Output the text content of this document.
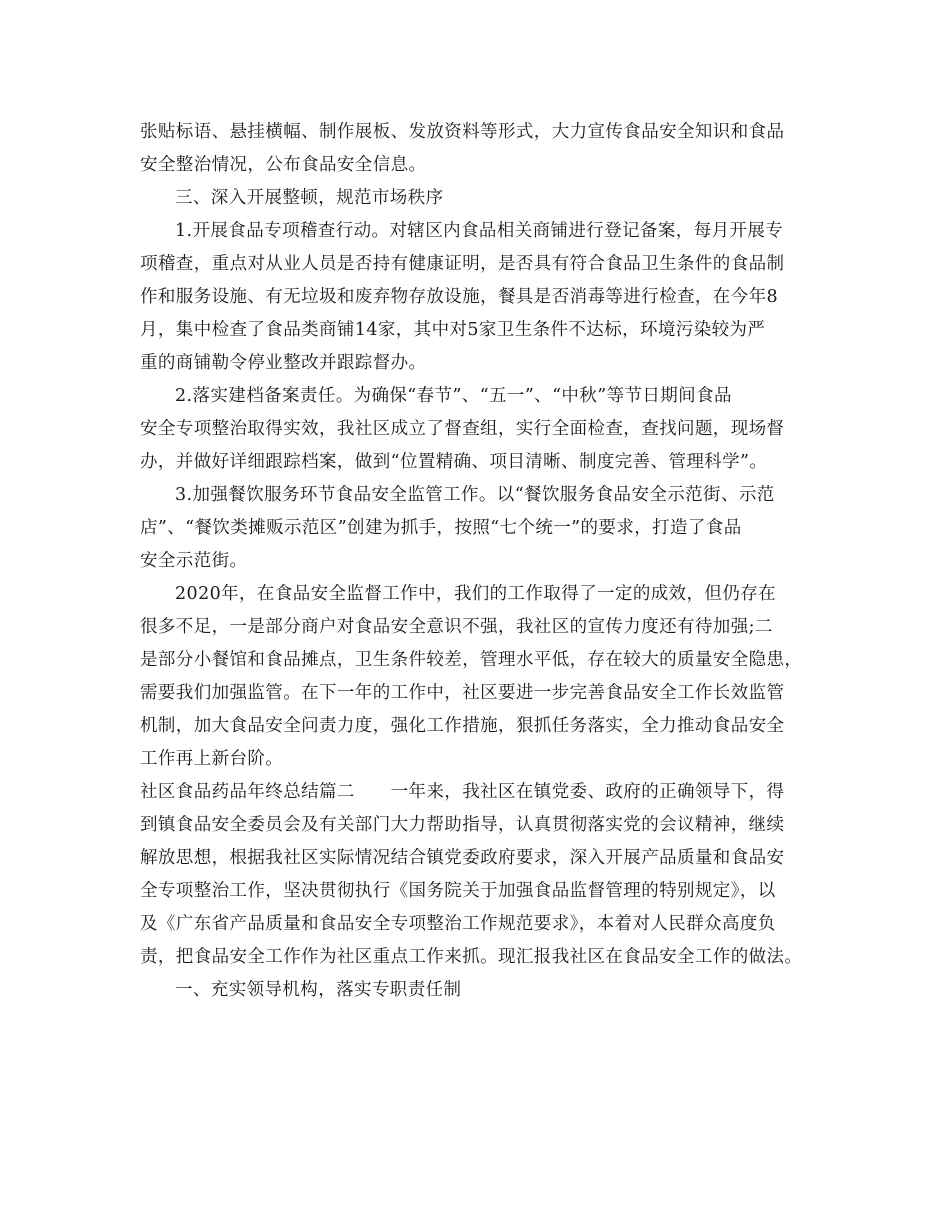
张贴标语、悬挂横幅、制作展板、发放资料等形式，大力宣传食品安全知识和食品
安全整治情况，公布食品安全信息。
三、深入开展整顿，规范市场秩序
1.开展食品专项稽查行动。对辖区内食品相关商铺进行登记备案，每月开展专
项稽查，重点对从业人员是否持有健康证明，是否具有符合食品卫生条件的食品制
作和服务设施、有无垃圾和废弃物存放设施，餐具是否消毒等进行检查，在今年8
月，集中检查了食品类商铺14家，其中对5家卫生条件不达标，环境污染较为严
重的商铺勒令停业整改并跟踪督办。
2.落实建档备案责任。为确保“春节”、“五一”、“中秋”等节日期间食品
安全专项整治取得实效，我社区成立了督查组，实行全面检查，查找问题，现场督
办，并做好详细跟踪档案，做到“位置精确、项目清晰、制度完善、管理科学”。
3.加强餐饮服务环节食品安全监管工作。以“餐饮服务食品安全示范街、示范
店”、“餐饮类摊贩示范区”创建为抓手，按照“七个统一”的要求，打造了食品
安全示范街。
2020年，在食品安全监督工作中，我们的工作取得了一定的成效，但仍存在
很多不足，一是部分商户对食品安全意识不强，我社区的宣传力度还有待加强;二
是部分小餐馆和食品摊点，卫生条件较差，管理水平低，存在较大的质量安全隐患，
需要我们加强监管。在下一年的工作中，社区要进一步完善食品安全工作长效监管
机制，加大食品安全问责力度，强化工作措施，狠抓任务落实，全力推动食品安全
工作再上新台阶。
社区食品药品年终总结篇二　　一年来，我社区在镇党委、政府的正确领导下，得
到镇食品安全委员会及有关部门大力帮助指导，认真贯彻落实党的会议精神，继续
解放思想，根据我社区实际情况结合镇党委政府要求，深入开展产品质量和食品安
全专项整治工作，坚决贯彻执行《国务院关于加强食品监督管理的特别规定》，以
及《广东省产品质量和食品安全专项整治工作规范要求》，本着对人民群众高度负
责，把食品安全工作作为社区重点工作来抓。现汇报我社区在食品安全工作的做法。
一、充实领导机构，落实专职责任制
